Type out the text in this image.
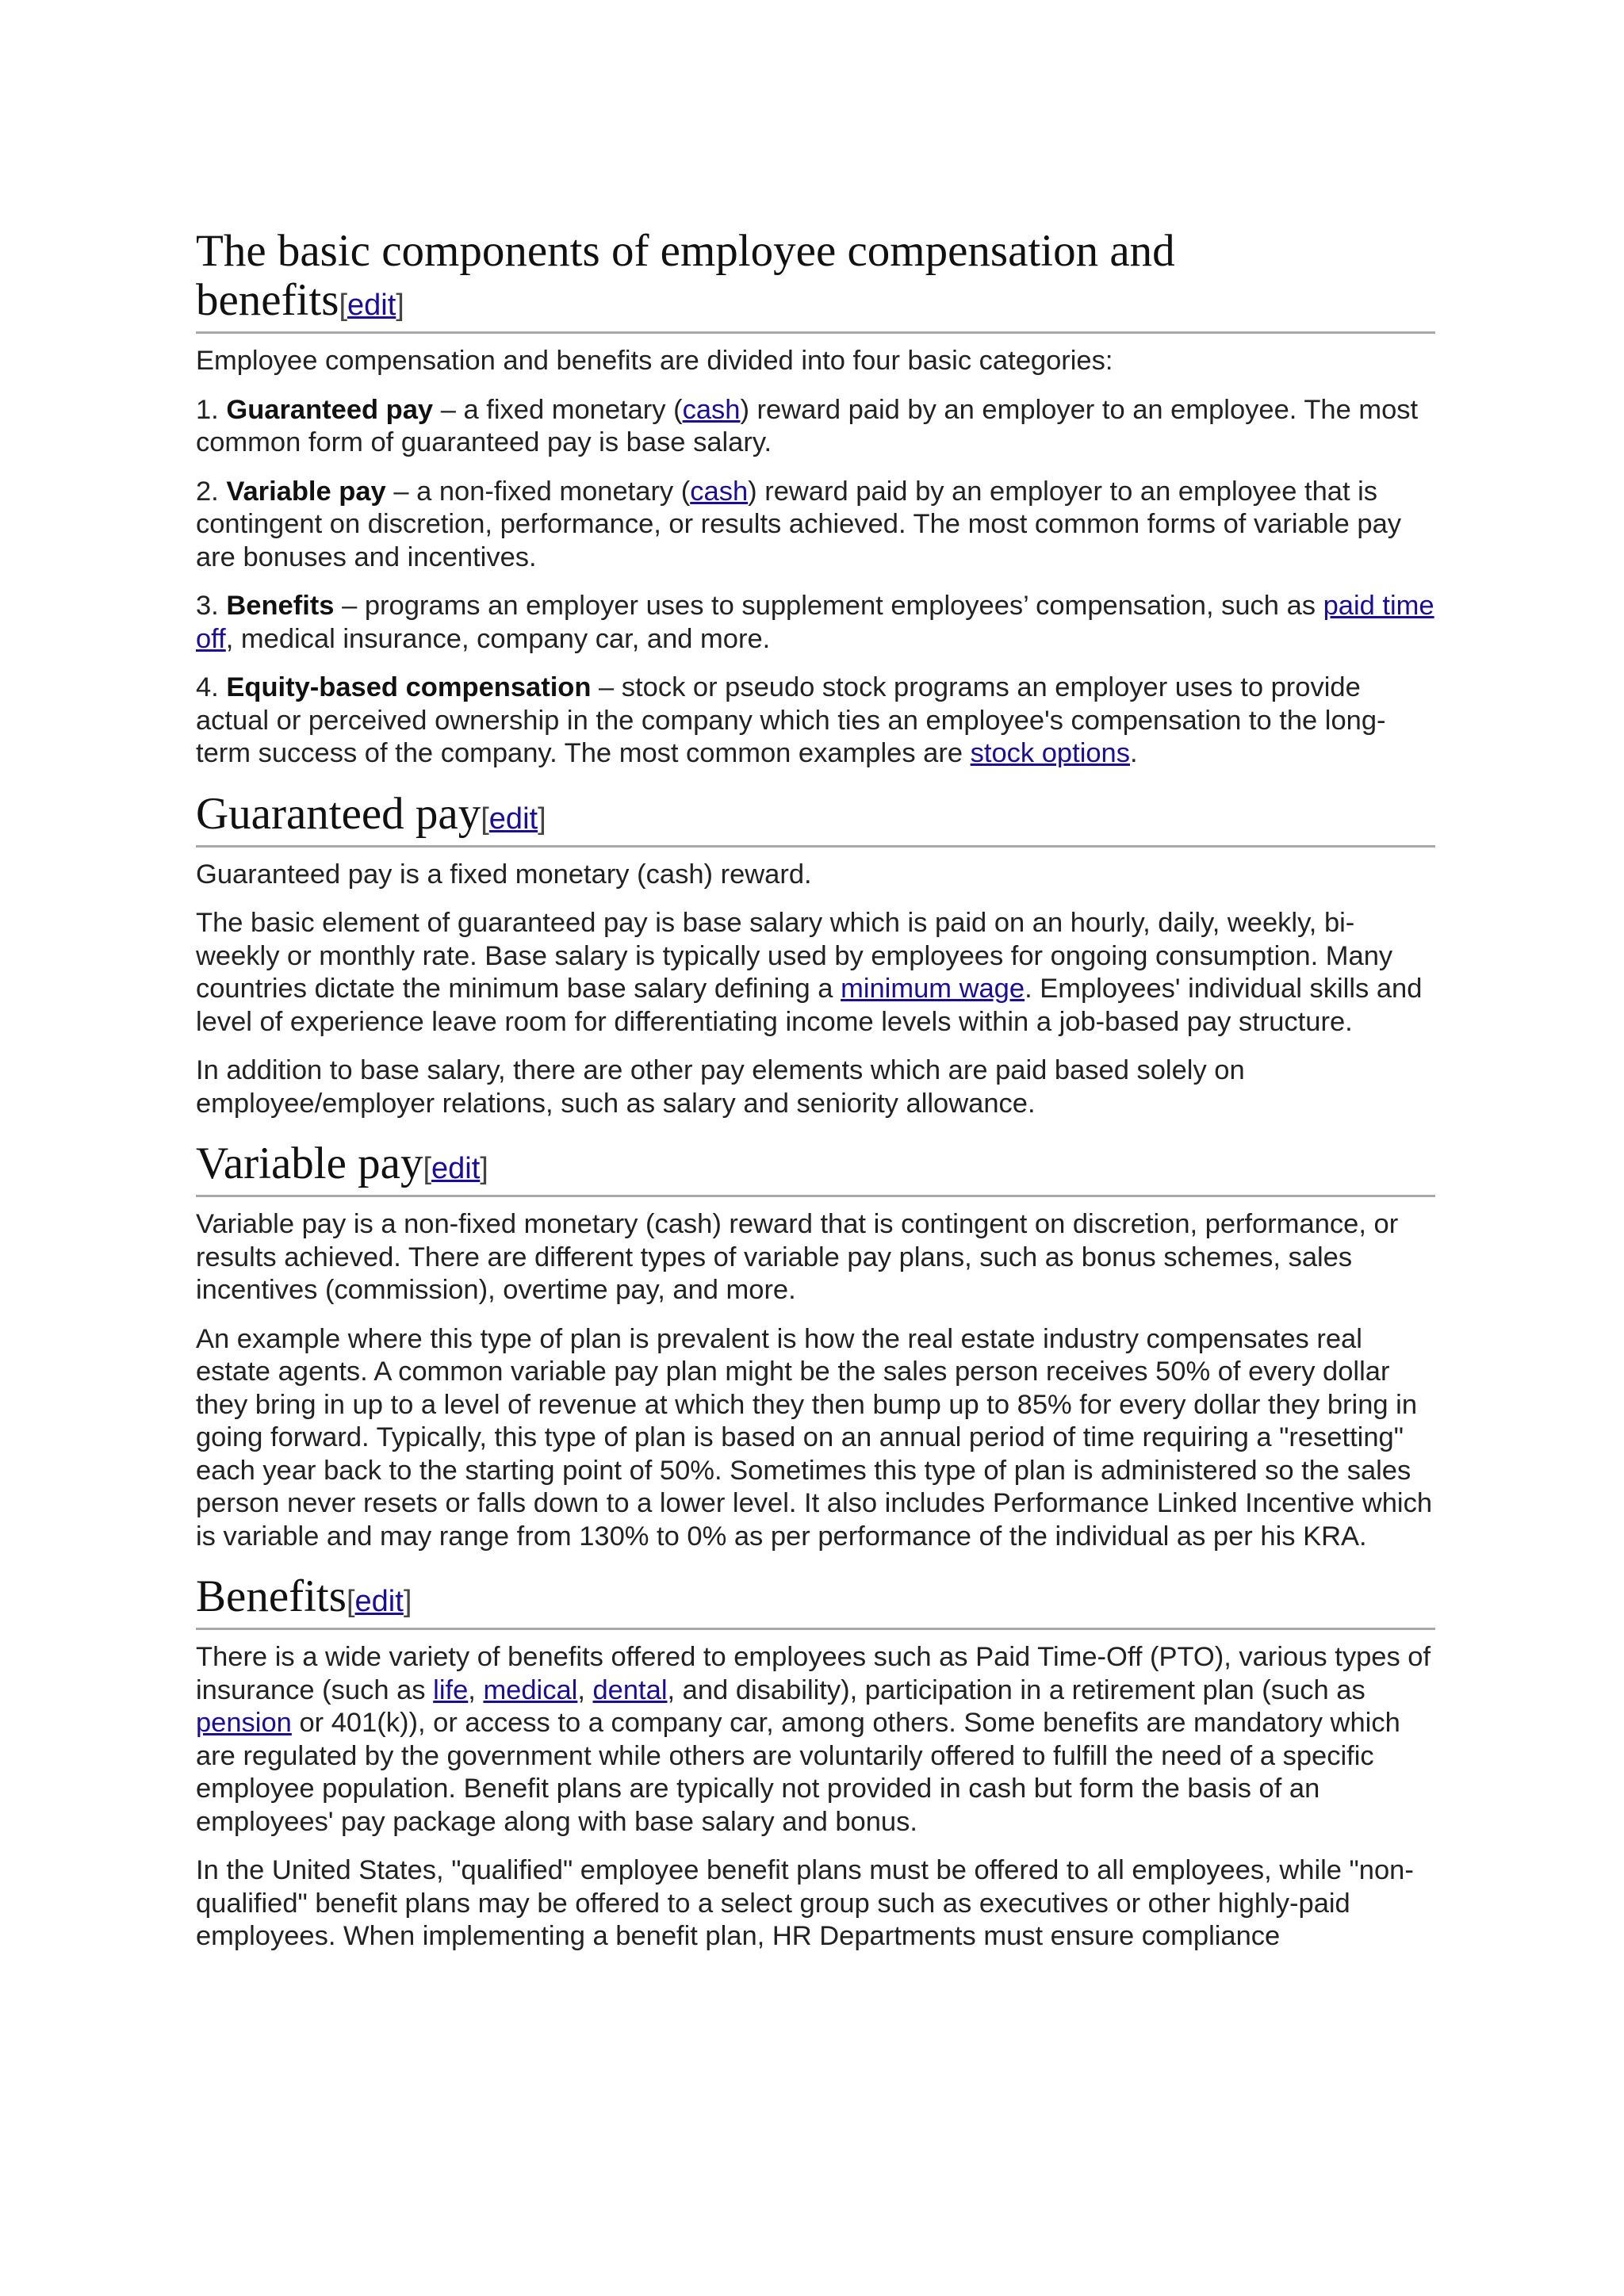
The basic components of employee compensation and
benefits[edit]

Employee compensation and benefits are divided into four basic categories:

1. Guaranteed pay – a fixed monetary (cash) reward paid by an employer to an employee. The most common form of guaranteed pay is base salary.

2. Variable pay – a non-fixed monetary (cash) reward paid by an employer to an employee that is contingent on discretion, performance, or results achieved. The most common forms of variable pay are bonuses and incentives.

3. Benefits – programs an employer uses to supplement employees’ compensation, such as paid time off, medical insurance, company car, and more.

4. Equity-based compensation – stock or pseudo stock programs an employer uses to provide actual or perceived ownership in the company which ties an employee's compensation to the long-term success of the company. The most common examples are stock options.

Guaranteed pay[edit]

Guaranteed pay is a fixed monetary (cash) reward.

The basic element of guaranteed pay is base salary which is paid on an hourly, daily, weekly, bi-weekly or monthly rate. Base salary is typically used by employees for ongoing consumption. Many countries dictate the minimum base salary defining a minimum wage. Employees' individual skills and level of experience leave room for differentiating income levels within a job-based pay structure.

In addition to base salary, there are other pay elements which are paid based solely on employee/employer relations, such as salary and seniority allowance.

Variable pay[edit]

Variable pay is a non-fixed monetary (cash) reward that is contingent on discretion, performance, or results achieved. There are different types of variable pay plans, such as bonus schemes, sales incentives (commission), overtime pay, and more.

An example where this type of plan is prevalent is how the real estate industry compensates real estate agents. A common variable pay plan might be the sales person receives 50% of every dollar they bring in up to a level of revenue at which they then bump up to 85% for every dollar they bring in going forward. Typically, this type of plan is based on an annual period of time requiring a "resetting" each year back to the starting point of 50%. Sometimes this type of plan is administered so the sales person never resets or falls down to a lower level. It also includes Performance Linked Incentive which is variable and may range from 130% to 0% as per performance of the individual as per his KRA.

Benefits[edit]

There is a wide variety of benefits offered to employees such as Paid Time-Off (PTO), various types of insurance (such as life, medical, dental, and disability), participation in a retirement plan (such as pension or 401(k)), or access to a company car, among others. Some benefits are mandatory which are regulated by the government while others are voluntarily offered to fulfill the need of a specific employee population. Benefit plans are typically not provided in cash but form the basis of an employees' pay package along with base salary and bonus.

In the United States, "qualified" employee benefit plans must be offered to all employees, while "non-qualified" benefit plans may be offered to a select group such as executives or other highly-paid employees. When implementing a benefit plan, HR Departments must ensure compliance
